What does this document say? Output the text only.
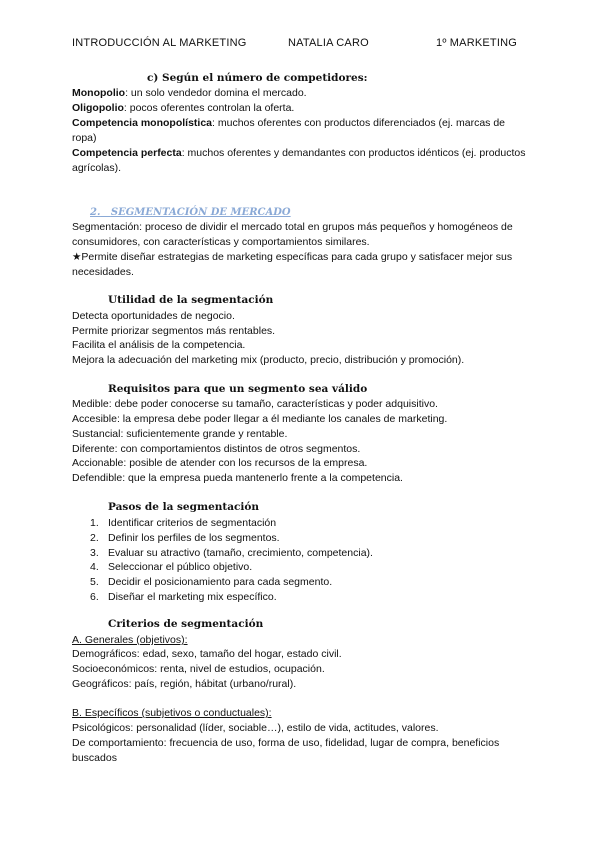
INTRODUCCIÓN AL MARKETING	NATALIA CARO	1º MARKETING
c) Según el número de competidores:
Monopolio: un solo vendedor domina el mercado.
Oligopolio: pocos oferentes controlan la oferta.
Competencia monopolística: muchos oferentes con productos diferenciados (ej. marcas de ropa)
Competencia perfecta: muchos oferentes y demandantes con productos idénticos (ej. productos agrícolas).
2. SEGMENTACIÓN DE MERCADO
Segmentación: proceso de dividir el mercado total en grupos más pequeños y homogéneos de consumidores, con características y comportamientos similares.
★Permite diseñar estrategias de marketing específicas para cada grupo y satisfacer mejor sus necesidades.
Utilidad de la segmentación
Detecta oportunidades de negocio.
Permite priorizar segmentos más rentables.
Facilita el análisis de la competencia.
Mejora la adecuación del marketing mix (producto, precio, distribución y promoción).
Requisitos para que un segmento sea válido
Medible: debe poder conocerse su tamaño, características y poder adquisitivo.
Accesible: la empresa debe poder llegar a él mediante los canales de marketing.
Sustancial: suficientemente grande y rentable.
Diferente: con comportamientos distintos de otros segmentos.
Accionable: posible de atender con los recursos de la empresa.
Defendible: que la empresa pueda mantenerlo frente a la competencia.
Pasos de la segmentación
1. Identificar criterios de segmentación
2. Definir los perfiles de los segmentos.
3. Evaluar su atractivo (tamaño, crecimiento, competencia).
4. Seleccionar el público objetivo.
5. Decidir el posicionamiento para cada segmento.
6. Diseñar el marketing mix específico.
Criterios de segmentación
A. Generales (objetivos):
Demográficos: edad, sexo, tamaño del hogar, estado civil.
Socioeconómicos: renta, nivel de estudios, ocupación.
Geográficos: país, región, hábitat (urbano/rural).
B. Específicos (subjetivos o conductuales):
Psicológicos: personalidad (líder, sociable…), estilo de vida, actitudes, valores.
De comportamiento: frecuencia de uso, forma de uso, fidelidad, lugar de compra, beneficios buscados
